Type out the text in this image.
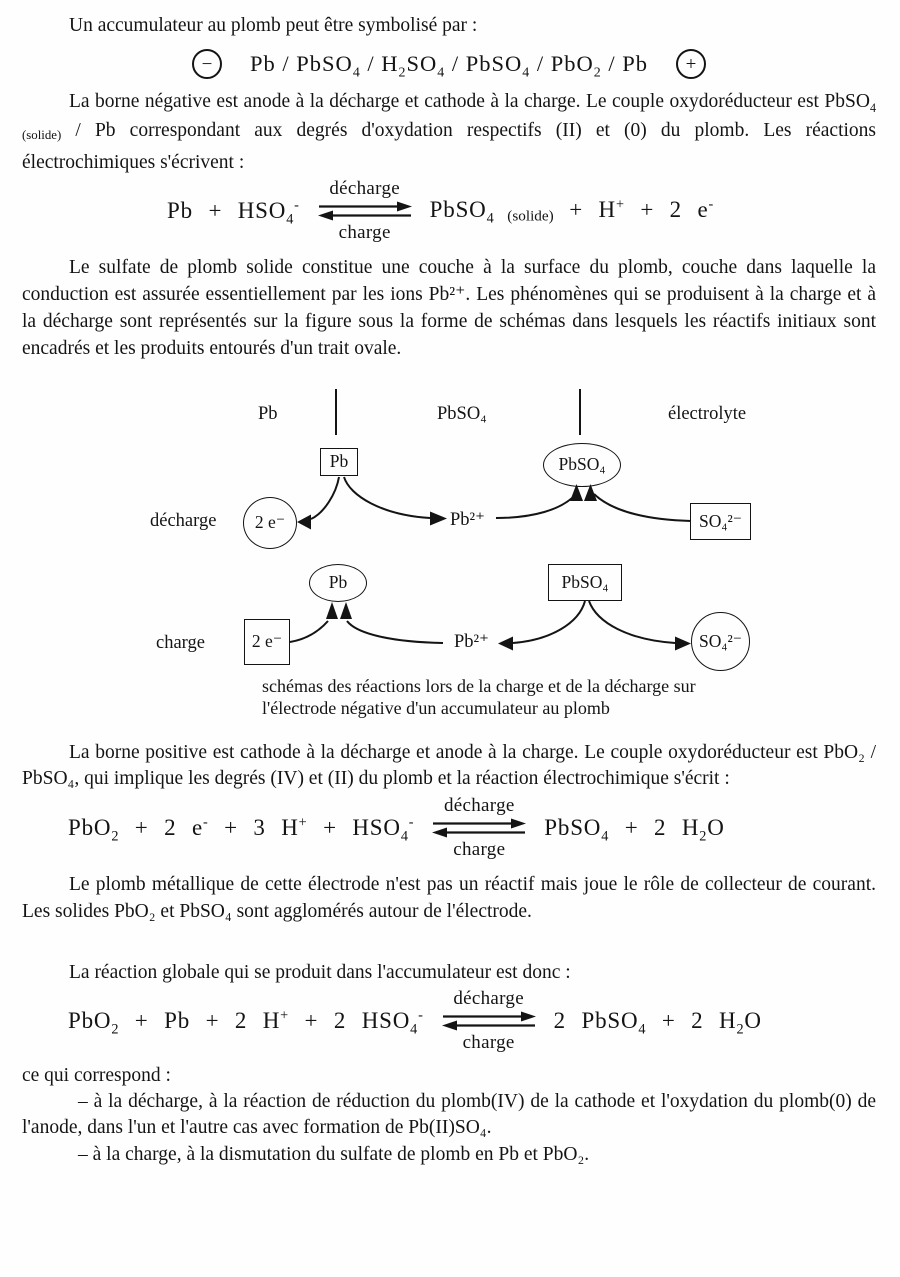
Un accumulateur au plomb peut être symbolisé par :

−	Pb / PbSO$_4$ / $H_2SO_4$ / PbSO$_4$ / PbO$_2$ / Pb	+

La borne négative est anode à la décharge et cathode à la charge. Le couple oxydoréducteur est PbSO$_4$ (solide) / Pb correspondant aux degrés d'oxydation respectifs (II) et (0) du plomb. Les réactions électrochimiques s'écrivent :

$Pb + HSO_4^-$
décharge
charge
PbSO$_4$ (solide) + H+ + 2 e-

Le sulfate de plomb solide constitue une couche à la surface du plomb, couche dans laquelle la conduction est assurée essentiellement par les ions Pb²⁺. Les phénomènes qui se produisent à la charge et à la décharge sont représentés sur la figure sous la forme de schémas dans lesquels les réactifs initiaux sont encadrés et les produits entourés d'un trait ovale.

Pb	PbSO₄	électrolyte
décharge	2 e⁻
Pb
Pb²⁺
PbSO₄
SO₄²⁻
charge	2 e⁻
Pb
Pb²⁺
PbSO₄
SO₄²⁻
schémas des réactions lors de la charge et de la décharge sur
l'électrode négative d'un accumulateur au plomb

La borne positive est cathode à la décharge et anode à la charge. Le couple oxydoréducteur est PbO₂ / PbSO₄, qui implique les degrés (IV) et (II) du plomb et la réaction électrochimique s'écrit :

PbO$_2$ + 2 e- + 3 $H^+ + HSO_4^-$
décharge
charge
PbSO$_4$ + 2 $H_2O$

Le plomb métallique de cette électrode n'est pas un réactif mais joue le rôle de collecteur de courant. Les solides PbO₂ et PbSO₄ sont agglomérés autour de l'électrode.

La réaction globale qui se produit dans l'accumulateur est donc :

PbO$_2$ + Pb + 2 H+ + 2 $HSO_4^-$
décharge
charge
2 PbSO$_4$ + 2 $H_2O$

ce qui correspond :

– à la décharge, à la réaction de réduction du plomb(IV) de la cathode et l'oxydation du plomb(0) de l'anode, dans l'un et l'autre cas avec formation de Pb(II)SO₄.

– à la charge, à la dismutation du sulfate de plomb en Pb et PbO₂.
